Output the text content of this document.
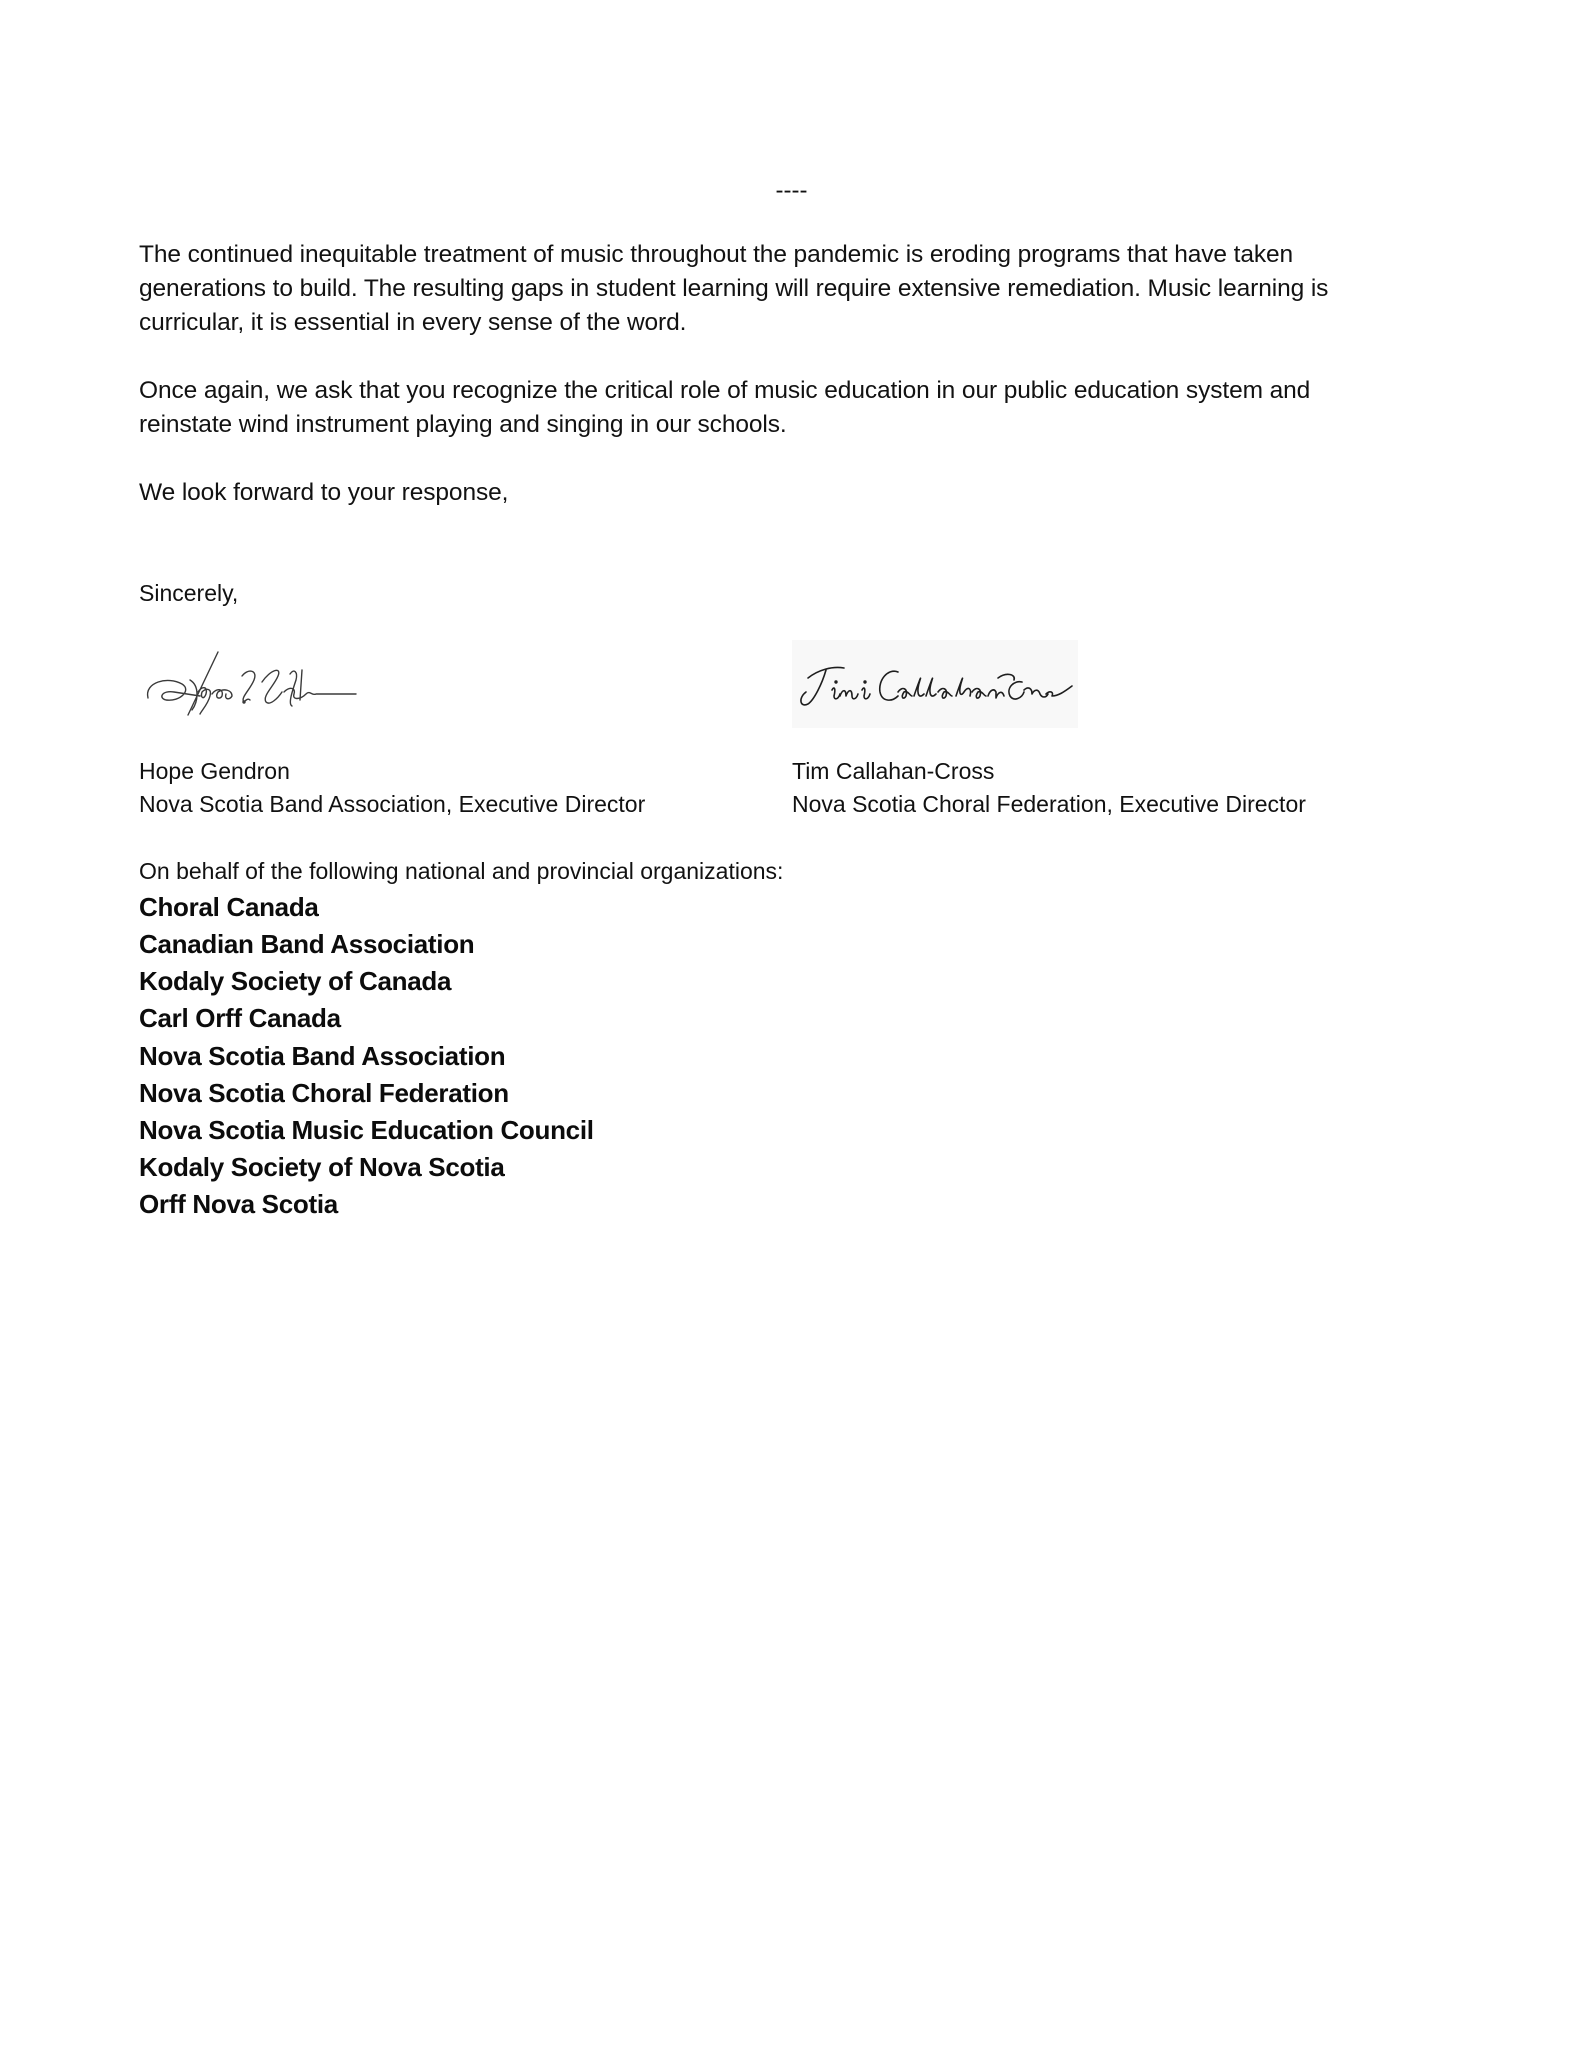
----
The continued inequitable treatment of music throughout the pandemic is eroding programs that have taken
generations to build. The resulting gaps in student learning will require extensive remediation. Music learning is
curricular, it is essential in every sense of the word.
Once again, we ask that you recognize the critical role of music education in our public education system and
reinstate wind instrument playing and singing in our schools.
We look forward to your response,
Sincerely,
Hope Gendron
Nova Scotia Band Association, Executive Director
Tim Callahan-Cross
Nova Scotia Choral Federation, Executive Director
On behalf of the following national and provincial organizations:
Choral Canada
Canadian Band Association
Kodaly Society of Canada
Carl Orff Canada
Nova Scotia Band Association
Nova Scotia Choral Federation
Nova Scotia Music Education Council
Kodaly Society of Nova Scotia
Orff Nova Scotia
